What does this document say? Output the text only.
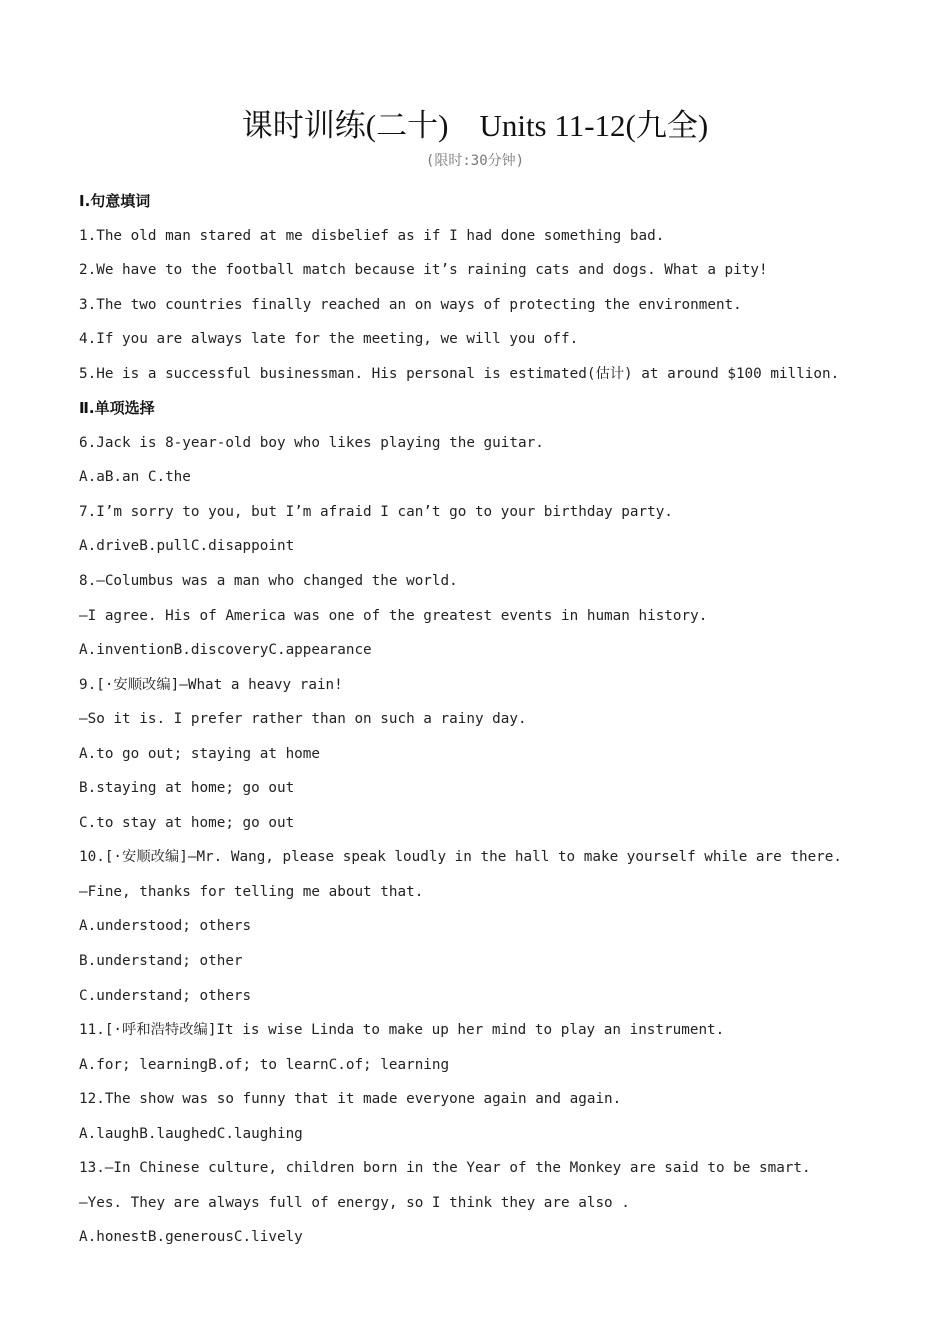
课时训练(二十)    Units 11-12(九全)
(限时:30分钟)
Ⅰ.句意填词
1.The old man stared at me disbelief as if I had done something bad.
2.We have to the football match because it’s raining cats and dogs. What a pity!
3.The two countries finally reached an on ways of protecting the environment.
4.If you are always late for the meeting, we will you off.
5.He is a successful businessman. His personal is estimated(估计) at around $100 million.
Ⅱ.单项选择
6.Jack is 8-year-old boy who likes playing the guitar.
A.aB.an C.the
7.I’m sorry to you, but I’m afraid I can’t go to your birthday party.
A.driveB.pullC.disappoint
8.—Columbus was a man who changed the world.
—I agree. His of America was one of the greatest events in human history.
A.inventionB.discoveryC.appearance
9.[·安顺改编]—What a heavy rain!
—So it is. I prefer rather than on such a rainy day.
A.to go out; staying at home
B.staying at home; go out
C.to stay at home; go out
10.[·安顺改编]—Mr. Wang, please speak loudly in the hall to make yourself while are there.
—Fine, thanks for telling me about that.
A.understood; others
B.understand; other
C.understand; others
11.[·呼和浩特改编]It is wise Linda to make up her mind to play an instrument.
A.for; learningB.of; to learnC.of; learning
12.The show was so funny that it made everyone again and again.
A.laughB.laughedC.laughing
13.—In Chinese culture, children born in the Year of the Monkey are said to be smart.
—Yes. They are always full of energy, so I think they are also .
A.honestB.generousC.lively
